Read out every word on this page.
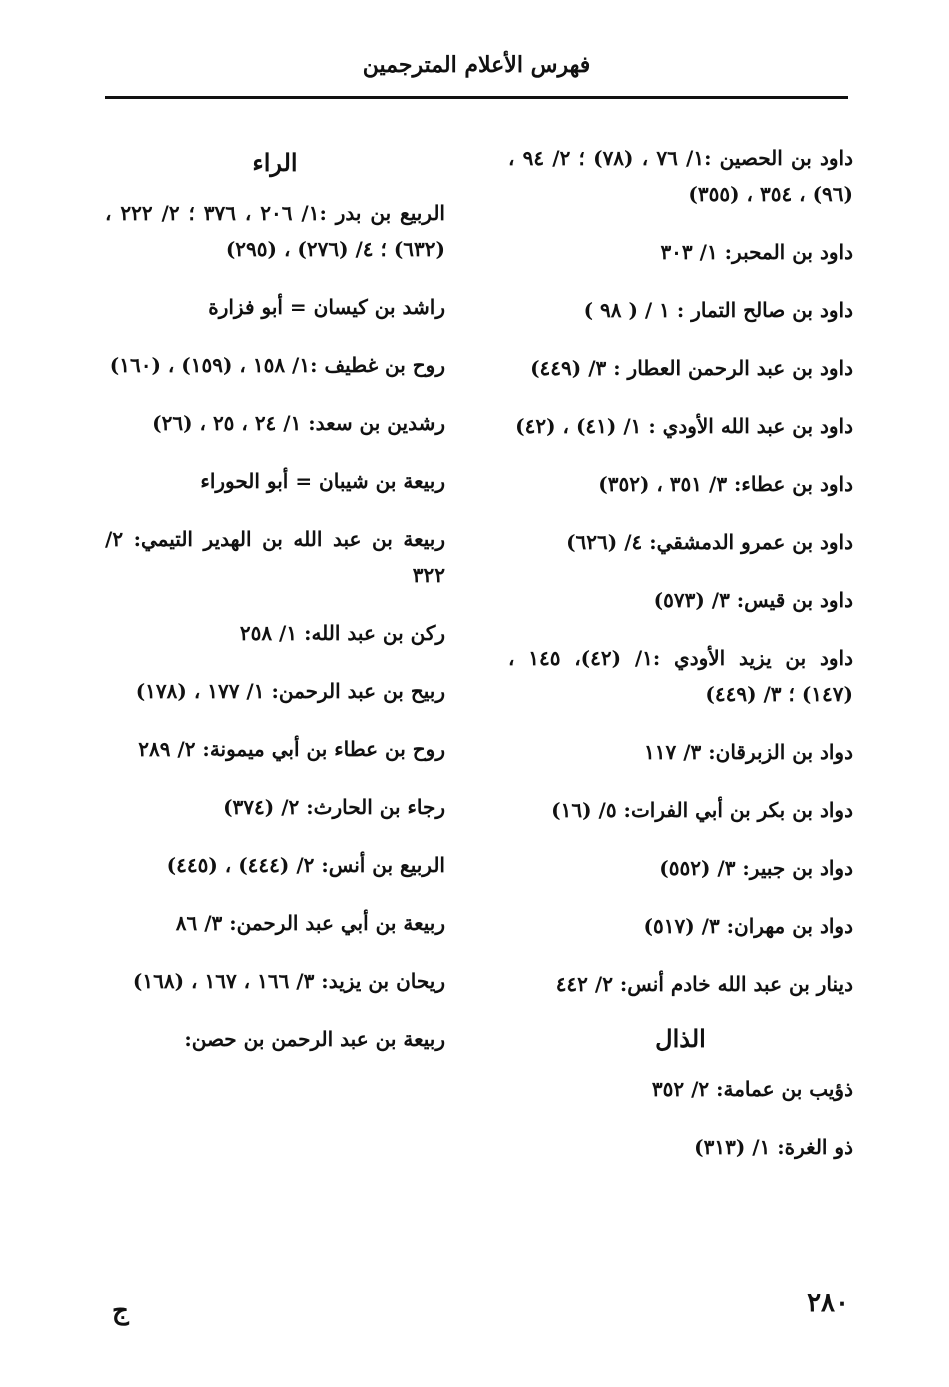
فهرس الأعلام المترجمين
داود بن الحصين :١/ ٧٦ ، (٧٨) ؛ ٢/ ٩٤ ، (٩٦) ، ٣٥٤ ، (٣٥٥)
داود بن المحبر: ١/ ٣٠٣
داود بن صالح التمار : ١ / ( ٩٨ )
داود بن عبد الرحمن العطار : ٣/ (٤٤٩)
داود بن عبد الله الأودي : ١/ (٤١) ، (٤٢)
داود بن عطاء: ٣/ ٣٥١ ، (٣٥٢)
داود بن عمرو الدمشقي: ٤/ (٦٢٦)
داود بن قيس: ٣/ (٥٧٣)
داود بن يزيد الأودي :١/ (٤٢)، ١٤٥ ، (١٤٧) ؛ ٣/ (٤٤٩)
دواد بن الزبرقان: ٣/ ١١٧
دواد بن بكر بن أبي الفرات: ٥/ (١٦)
دواد بن جبير: ٣/ (٥٥٢)
دواد بن مهران: ٣/ (٥١٧)
دينار بن عبد الله خادم أنس: ٢/ ٤٤٢
الذال
ذؤيب بن عمامة: ٢/ ٣٥٢
ذو الغرة: ١/ (٣١٣)
الراء
الربيع بن بدر :١/ ٢٠٦ ، ٣٧٦ ؛ ٢/ ٢٢٢ ، (٦٣٢) ؛ ٤/ (٢٧٦) ، (٢٩٥)
راشد بن كيسان = أبو فزارة
روح بن غطيف :١/ ١٥٨ ، (١٥٩) ، (١٦٠)
رشدين بن سعد: ١/ ٢٤ ، ٢٥ ، (٢٦)
ربيعة بن شيبان = أبو الحوراء
ربيعة بن عبد الله بن الهدير التيمي: ٢/ ٣٢٢
ركن بن عبد الله: ١/ ٢٥٨
ربيح بن عبد الرحمن: ١/ ١٧٧ ، (١٧٨)
روح بن عطاء بن أبي ميمونة: ٢/ ٢٨٩
رجاء بن الحارث: ٢/ (٣٧٤)
الربيع بن أنس: ٢/ (٤٤٤) ، (٤٤٥)
ربيعة بن أبي عبد الرحمن: ٣/ ٨٦
ريحان بن يزيد: ٣/ ١٦٦ ، ١٦٧ ، (١٦٨)
ربيعة بن عبد الرحمن بن حصن:
٢٨٠
ج
